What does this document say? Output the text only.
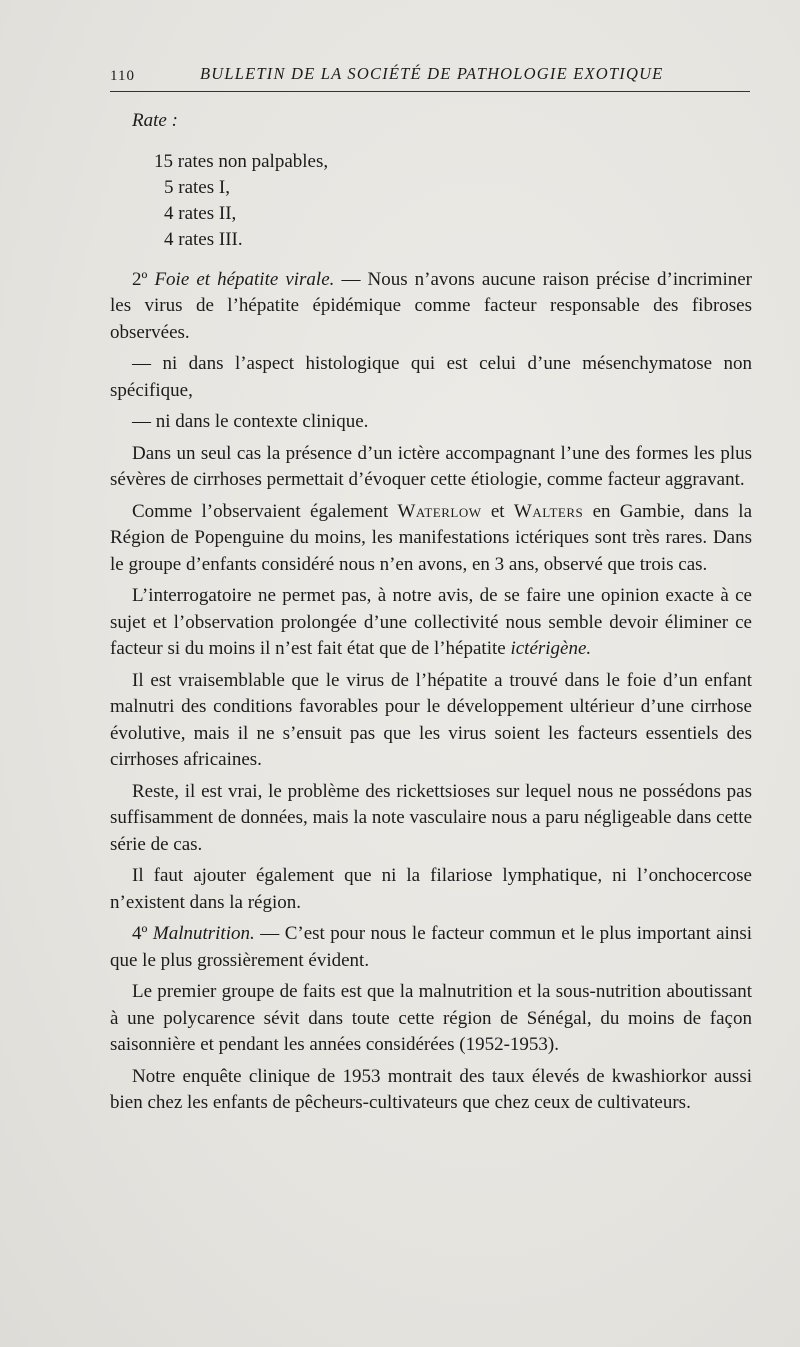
110	BULLETIN DE LA SOCIÉTÉ DE PATHOLOGIE EXOTIQUE
Rate :
15 rates non palpables,
5 rates I,
4 rates II,
4 rates III.

2º Foie et hépatite virale. — Nous n’avons aucune raison précise d’incriminer les virus de l’hépatite épidémique comme facteur responsable des fibroses observées.

— ni dans l’aspect histologique qui est celui d’une mésenchymatose non spécifique,

— ni dans le contexte clinique.

Dans un seul cas la présence d’un ictère accompagnant l’une des formes les plus sévères de cirrhoses permettait d’évoquer cette étiologie, comme facteur aggravant.

Comme l’observaient également Waterlow et Walters en Gambie, dans la Région de Popenguine du moins, les manifestations ictériques sont très rares. Dans le groupe d’enfants considéré nous n’en avons, en 3 ans, observé que trois cas.

L’interrogatoire ne permet pas, à notre avis, de se faire une opinion exacte à ce sujet et l’observation prolongée d’une collectivité nous semble devoir éliminer ce facteur si du moins il n’est fait état que de l’hépatite ictérigène.

Il est vraisemblable que le virus de l’hépatite a trouvé dans le foie d’un enfant malnutri des conditions favorables pour le développement ultérieur d’une cirrhose évolutive, mais il ne s’ensuit pas que les virus soient les facteurs essentiels des cirrhoses africaines.

Reste, il est vrai, le problème des rickettsioses sur lequel nous ne possédons pas suffisamment de données, mais la note vasculaire nous a paru négligeable dans cette série de cas.

Il faut ajouter également que ni la filariose lymphatique, ni l’onchocercose n’existent dans la région.

4º Malnutrition. — C’est pour nous le facteur commun et le plus important ainsi que le plus grossièrement évident.

Le premier groupe de faits est que la malnutrition et la sous-nutrition aboutissant à une polycarence sévit dans toute cette région de Sénégal, du moins de façon saisonnière et pendant les années considérées (1952-1953).

Notre enquête clinique de 1953 montrait des taux élevés de kwashiorkor aussi bien chez les enfants de pêcheurs-cultivateurs que chez ceux de cultivateurs.
